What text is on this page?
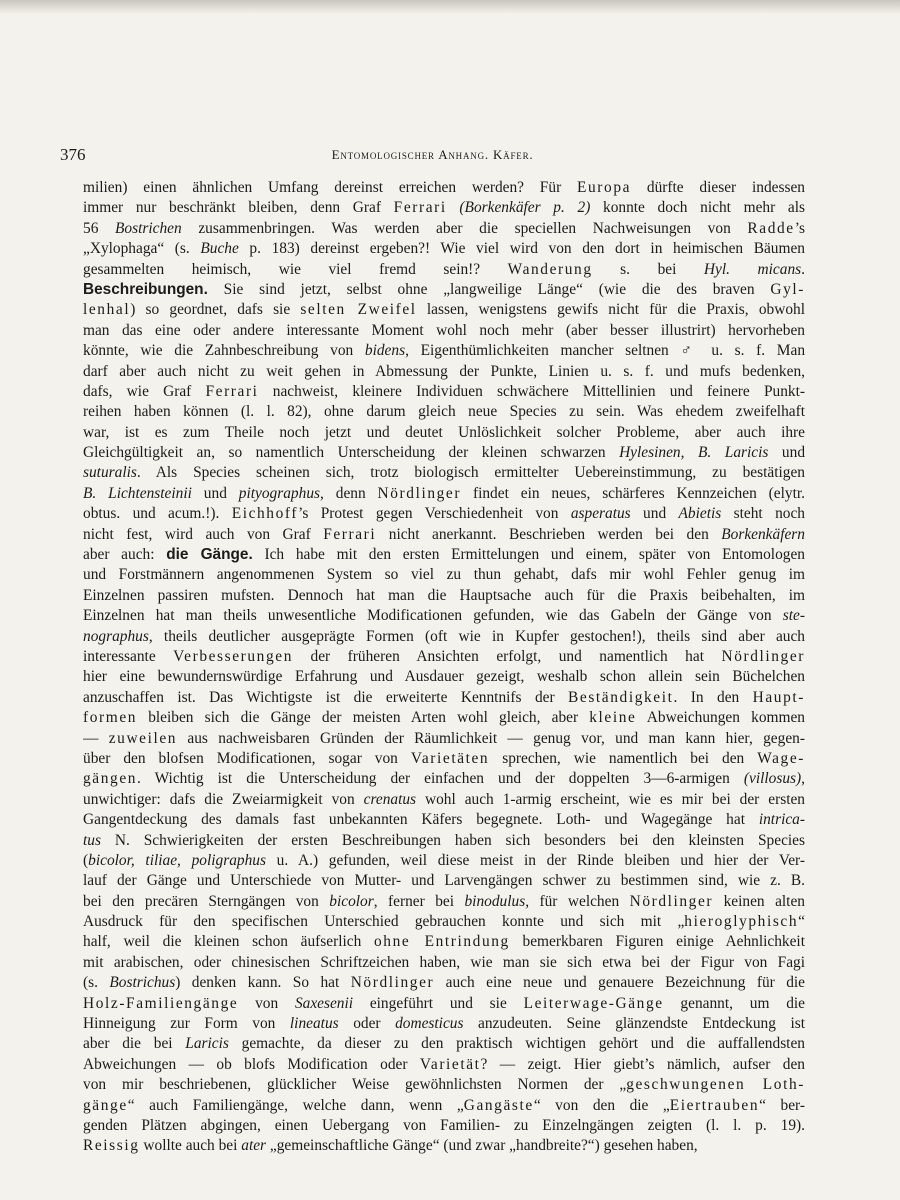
376	Entomologischer Anhang. Käfer.
milien) einen ähnlichen Umfang dereinst erreichen werden? Für Europa dürfte dieser indessen
immer nur beschränkt bleiben, denn Graf Ferrari (Borkenkäfer p. 2) konnte doch nicht mehr als
56 Bostrichen zusammenbringen. Was werden aber die speciellen Nachweisungen von Radde’s
„Xylophaga“ (s. Buche p. 183) dereinst ergeben?! Wie viel wird von den dort in heimischen Bäumen
gesammelten heimisch, wie viel fremd sein!? Wanderung s. bei Hyl. micans.
Beschreibungen. Sie sind jetzt, selbst ohne „langweilige Länge“ (wie die des braven Gyl-
lenhal) so geordnet, dafs sie selten Zweifel lassen, wenigstens gewifs nicht für die Praxis, obwohl
man das eine oder andere interessante Moment wohl noch mehr (aber besser illustrirt) hervorheben
könnte, wie die Zahnbeschreibung von bidens, Eigenthümlichkeiten mancher seltnen ♂ u. s. f. Man
darf aber auch nicht zu weit gehen in Abmessung der Punkte, Linien u. s. f. und mufs bedenken,
dafs, wie Graf Ferrari nachweist, kleinere Individuen schwächere Mittellinien und feinere Punkt-
reihen haben können (l. l. 82), ohne darum gleich neue Species zu sein. Was ehedem zweifelhaft
war, ist es zum Theile noch jetzt und deutet Unlöslichkeit solcher Probleme, aber auch ihre
Gleichgültigkeit an, so namentlich Unterscheidung der kleinen schwarzen Hylesinen, B. Laricis und
suturalis. Als Species scheinen sich, trotz biologisch ermittelter Uebereinstimmung, zu bestätigen
B. Lichtensteinii und pityographus, denn Nördlinger findet ein neues, schärferes Kennzeichen (elytr.
obtus. und acum.!). Eichhoff’s Protest gegen Verschiedenheit von asperatus und Abietis steht noch
nicht fest, wird auch von Graf Ferrari nicht anerkannt. Beschrieben werden bei den Borkenkäfern
aber auch: die Gänge. Ich habe mit den ersten Ermittelungen und einem, später von Entomologen
und Forstmännern angenommenen System so viel zu thun gehabt, dafs mir wohl Fehler genug im
Einzelnen passiren mufsten. Dennoch hat man die Hauptsache auch für die Praxis beibehalten, im
Einzelnen hat man theils unwesentliche Modificationen gefunden, wie das Gabeln der Gänge von ste-
nographus, theils deutlicher ausgeprägte Formen (oft wie in Kupfer gestochen!), theils sind aber auch
interessante Verbesserungen der früheren Ansichten erfolgt, und namentlich hat Nördlinger
hier eine bewundernswürdige Erfahrung und Ausdauer gezeigt, weshalb schon allein sein Büchelchen
anzuschaffen ist. Das Wichtigste ist die erweiterte Kenntnifs der Beständigkeit. In den Haupt-
formen bleiben sich die Gänge der meisten Arten wohl gleich, aber kleine Abweichungen kommen
— zuweilen aus nachweisbaren Gründen der Räumlichkeit — genug vor, und man kann hier, gegen-
über den blofsen Modificationen, sogar von Varietäten sprechen, wie namentlich bei den Wage-
gängen. Wichtig ist die Unterscheidung der einfachen und der doppelten 3—6-armigen (villosus),
unwichtiger: dafs die Zweiarmigkeit von crenatus wohl auch 1-armig erscheint, wie es mir bei der ersten
Gangentdeckung des damals fast unbekannten Käfers begegnete. Loth- und Wagegänge hat intrica-
tus N. Schwierigkeiten der ersten Beschreibungen haben sich besonders bei den kleinsten Species
(bicolor, tiliae, poligraphus u. A.) gefunden, weil diese meist in der Rinde bleiben und hier der Ver-
lauf der Gänge und Unterschiede von Mutter- und Larvengängen schwer zu bestimmen sind, wie z. B.
bei den precären Sterngängen von bicolor, ferner bei binodulus, für welchen Nördlinger keinen alten
Ausdruck für den specifischen Unterschied gebrauchen konnte und sich mit „hieroglyphisch“
half, weil die kleinen schon äufserlich ohne Entrindung bemerkbaren Figuren einige Aehnlichkeit
mit arabischen, oder chinesischen Schriftzeichen haben, wie man sie sich etwa bei der Figur von Fagi
(s. Bostrichus) denken kann. So hat Nördlinger auch eine neue und genauere Bezeichnung für die
Holz-Familiengänge von Saxesenii eingeführt und sie Leiterwage-Gänge genannt, um die
Hinneigung zur Form von lineatus oder domesticus anzudeuten. Seine glänzendste Entdeckung ist
aber die bei Laricis gemachte, da dieser zu den praktisch wichtigen gehört und die auffallendsten
Abweichungen — ob blofs Modification oder Varietät? — zeigt. Hier giebt’s nämlich, aufser den
von mir beschriebenen, glücklicher Weise gewöhnlichsten Normen der „geschwungenen Loth-
gänge“ auch Familiengänge, welche dann, wenn „Gangäste“ von den die „Eiertrauben“ ber-
genden Plätzen abgingen, einen Uebergang von Familien- zu Einzelngängen zeigten (l. l. p. 19).
Reissig wollte auch bei ater „gemeinschaftliche Gänge“ (und zwar „handbreite?“) gesehen haben,
